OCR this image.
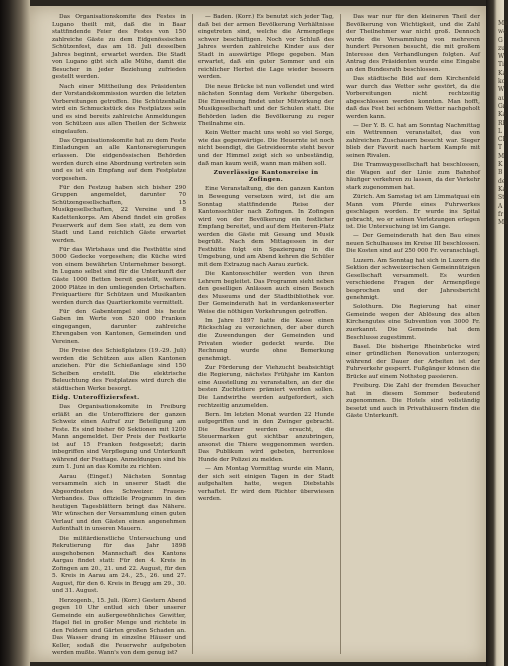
Das Organisationskomite des Festes in Lugano theilt mit, daß die in Baar stattfindende Feier des Festes von 150 zahlreiche Gäste zu dem Eidgenössischen Schützenfest, das am 18. Juli desselben Jahres beginnt, erwartet werden. Die Stadt von Lugano gibt sich alle Mühe, damit die Besucher in jeder Beziehung zufrieden gestellt werden.

Nach einer Mittheilung des Präsidenten der Vorstandskommission wurden die letzten Vorbereitungen getroffen. Die Schützenhalle wird ein Schmuckstück des Festplatzes sein und es sind bereits zahlreiche Anmeldungen von Schützen aus allen Theilen der Schweiz eingelaufen.

Das Organisationskomite hat zu dem Feste Einladungen an alle Kantonsregierungen erlassen. Die eidgenössischen Behörden werden durch eine Abordnung vertreten sein und es ist ein Empfang auf dem Festplatze vorgesehen.

Für den Festzug haben sich bisher 290 Gruppen angemeldet, darunter 70 Schützengesellschaften, 15 Musikgesellschaften, 22 Vereine und 8 Kadettenkorps. Am Abend findet ein großes Feuerwerk auf dem See statt, zu dem von Stadt und Land reichlich Gäste erwartet werden.

Für das Wirtshaus und die Festhütte sind 5000 Gedecke vorgesehen; die Küche wird von einem bewährten Unternehmer besorgt. In Lugano selbst sind für die Unterkunft der Gäste 1000 Betten bereit gestellt, weitere 2000 Plätze in den umliegenden Ortschaften. Freiquartiere für Schützen und Musikanten werden durch das Quartierkomite vermittelt.

Für den Gabentempel sind bis heute Gaben im Werte von 520 000 Franken eingegangen, darunter zahlreiche Ehrengaben von Kantonen, Gemeinden und Vereinen.

Die Preise des Schießplatzes (19.-29. Juli) werden die Schützen aus allen Kantonen anziehen. Für die Schießanlage sind 150 Scheiben erstellt. Die elektrische Beleuchtung des Festplatzes wird durch die städtischen Werke besorgt.

Eidg. Unteroffiziersfest.

Das Organisationskomite in Freiburg erläßt an die Unteroffiziere der ganzen Schweiz einen Aufruf zur Beteiligung am Feste. Es sind bisher 60 Sektionen mit 1200 Mann angemeldet. Der Preis der Festkarte ist auf 15 Franken festgesetzt; darin inbegriffen sind Verpflegung und Unterkunft während der Festtage. Anmeldungen sind bis zum 1. Juni an das Komite zu richten.

Aarau (Eingef.) Nächsten Sonntag versammeln sich in unserer Stadt die Abgeordneten des Schweizer. Frauen-Verbandes. Das offizielle Programm in den heutigen Tagesblättern bringt das Nähere. Wir wünschen der Versammlung einen guten Verlauf und den Gästen einen angenehmen Aufenthalt in unseren Mauern.

Die militärdienstliche Untersuchung und Rekrutierung für das Jahr 1898 ausgehobenen Mannschaft des Kantons Aargau findet statt: Für den 4. Kreis in Zofingen am 20., 21. und 22. August, für den 5. Kreis in Aarau am 24., 25., 26. und 27. August, für den 6. Kreis in Brugg am 29., 30. und 31. August.

Herzogenb., 15. Juli. (Korr.) Gestern Abend gegen 10 Uhr entlud sich über unserer Gemeinde ein außergewöhnliches Gewitter, Hagel fiel in großer Menge und richtete in den Feldern und Gärten großen Schaden an. Das Wasser drang in einzelne Häuser und Keller, sodaß die Feuerwehr aufgeboten werden mußte. Wann's von dem genug ist?

— Baden. (Korr.) Es benutzt sich jeder Tag, daß bei der armen Bevölkerung Verhältnisse eingetreten sind, welche die Armenpflege schwer beschäftigen. Noch vor Schluß des Jahres werden zahlreiche Kinder aus der Stadt in auswärtige Pflege gegeben. Man erwartet, daß ein guter Sommer und ein reichlicher Herbst die Lage wieder bessern werden.

Die neue Brücke ist nun vollendet und wird nächsten Sonntag dem Verkehr übergeben. Die Einweihung findet unter Mitwirkung der Musikgesellschaft und der Schulen statt. Die Behörden laden die Bevölkerung zu reger Theilnahme ein.

Kein Wetter macht uns wohl so viel Sorge, wie das gegenwärtige. Die Heuernte ist noch nicht beendigt, die Getreideernte steht bevor und der Himmel zeigt sich so unbeständig, daß man kaum weiß, wann man mähen soll.

Zuverlässige Kantonsreise in Zofingen.

Eine Veranstaltung, die den ganzen Kanton in Bewegung versetzen wird, ist die am Sonntag stattfindende Reise der Kantonsschüler nach Zofingen. In Zofingen wird von der Bevölkerung ein festlicher Empfang bereitet, und auf dem Heiteren-Platz werden die Gäste mit Gesang und Musik begrüßt. Nach dem Mittagessen in der Festhütte folgt ein Spaziergang in die Umgebung, und am Abend kehren die Schüler mit dem Extrazug nach Aarau zurück.

Die Kantonsschüler werden von ihren Lehrern begleitet. Das Programm sieht neben den geselligen Anlässen auch einen Besuch des Museums und der Stadtbibliothek vor. Der Gemeinderath hat in verdankenswerter Weise die nöthigen Vorkehrungen getroffen.

Im Jahre 1897 hatte die Kasse einen Rückschlag zu verzeichnen, der aber durch die Zuwendungen der Gemeinden und Privaten wieder gedeckt wurde. Die Rechnung wurde ohne Bemerkung genehmigt.

Zur Förderung der Viehzucht beabsichtigt die Regierung, nächstes Frühjahr im Kanton eine Ausstellung zu veranstalten, an der die besten Zuchtstiere prämiert werden sollen. Die Landwirthe werden aufgefordert, sich rechtzeitig anzumelden.

Bern. Im letzten Monat wurden 22 Hunde aufgegriffen und in den Zwinger gebracht. Die Besitzer werden ersucht, die Steuermarken gut sichtbar anzubringen, ansonst die Thiere weggenommen werden. Das Publikum wird gebeten, herrenlose Hunde der Polizei zu melden.

— Am Montag Vormittag wurde ein Mann, der sich seit einigen Tagen in der Stadt aufgehalten hatte, wegen Diebstahls verhaftet. Er wird dem Richter überwiesen werden.

Das war nur für den kleineren Theil der Bevölkerung von Wichtigkeit, und die Zahl der Theilnehmer war nicht groß. Dennoch wurde die Versammlung von mehreren hundert Personen besucht, die mit großem Interesse den Verhandlungen folgten. Auf Antrag des Präsidenten wurde eine Eingabe an den Bundesrath beschlossen.

Das städtische Bild auf dem Kirchenfeld war durch das Wetter sehr gestört, da die Vorbereitungen nicht rechtzeitig abgeschlossen werden konnten. Man hofft, daß das Fest bei schönem Wetter nachgeholt werden kann.

— Der Y. B. C. hat am Sonntag Nachmittag ein Wettrennen veranstaltet, das von zahlreichen Zuschauern besucht war. Sieger blieb der Favorit nach hartem Kampfe mit seinen Rivalen.

Die Tramwaygesellschaft hat beschlossen, die Wagen auf der Linie zum Bahnhof häufiger verkehren zu lassen, da der Verkehr stark zugenommen hat.

Zürich. Am Samstag ist am Limmatquai ein Mann vom Pferde eines Fuhrwerkes geschlagen worden. Er wurde ins Spital gebracht, wo er seinen Verletzungen erlegen ist. Die Untersuchung ist im Gange.

— Der Gemeinderath hat den Bau eines neuen Schulhauses im Kreise III beschlossen. Die Kosten sind auf 250 000 Fr. veranschlagt.

Luzern. Am Sonntag hat sich in Luzern die Sektion der schweizerischen Gemeinnützigen Gesellschaft versammelt. Es wurden verschiedene Fragen der Armenpflege besprochen und der Jahresbericht genehmigt.

Solothurn. Die Regierung hat einer Gemeinde wegen der Ablösung des alten Kirchengutes eine Subvention von 3000 Fr. zuerkannt. Die Gemeinde hat dem Beschlusse zugestimmt.

Basel. Die bisherige Rheinbrücke wird einer gründlichen Renovation unterzogen; während der Dauer der Arbeiten ist der Fuhrverkehr gesperrt. Fußgänger können die Brücke auf einem Nothsteg passieren.

Freiburg. Die Zahl der fremden Besucher hat in diesem Sommer bedeutend zugenommen. Die Hotels sind vollständig besetzt und auch in Privathäusern finden die Gäste Unterkunft.

Ma
wa
G
zu
W
Ti
Ka
ko
W
au
Gr
Ka
Rh
L
Ch
T
M
K
B
de
Ka
St
A
fr
Ma
